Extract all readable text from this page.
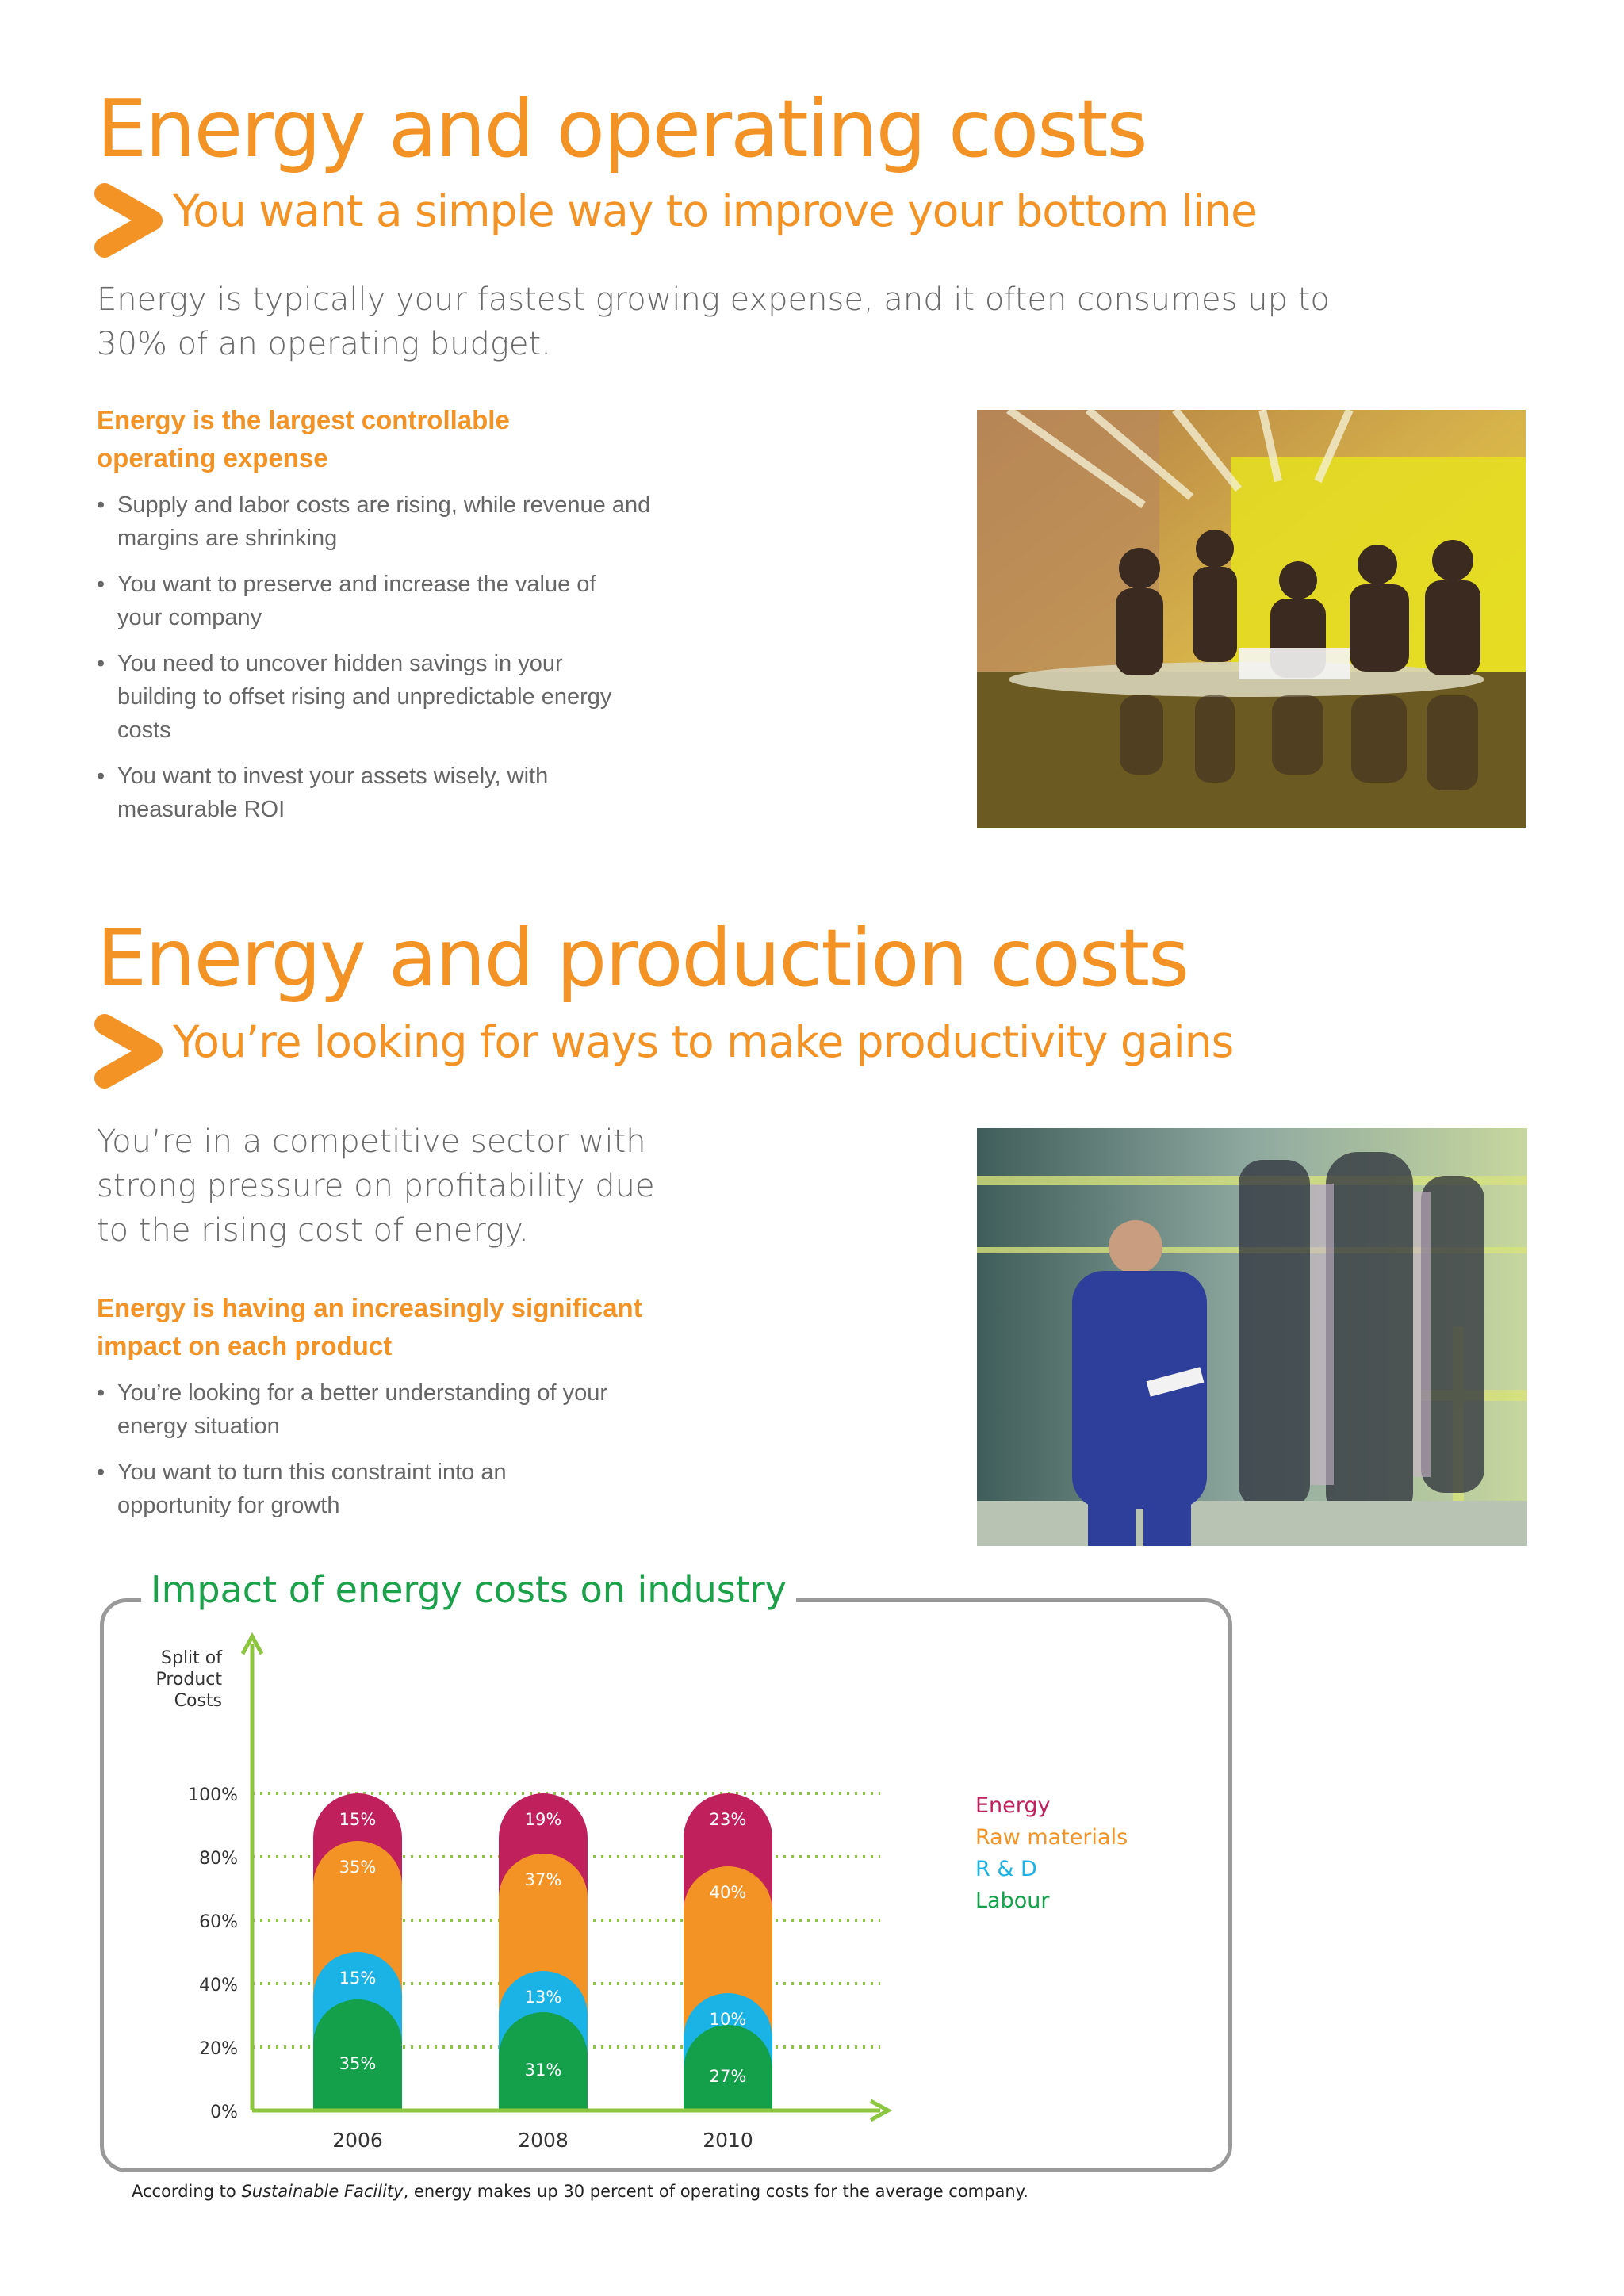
Energy and operating costs
You want a simple way to improve your bottom line
Energy is typically your fastest growing expense, and it often consumes up to 30% of an operating budget.
Energy is the largest controllable
operating expense
• Supply and labor costs are rising, while revenue and margins are shrinking
• You want to preserve and increase the value of your company
• You need to uncover hidden savings in your building to offset rising and unpredictable energy costs
• You want to invest your assets wisely, with measurable ROI
Energy and production costs
You’re looking for ways to make productivity gains
You’re in a competitive sector with
strong pressure on profitability due
to the rising cost of energy.
Energy is having an increasingly significant
impact on each product
• You’re looking for a better understanding of your energy situation
• You want to turn this constraint into an opportunity for growth
Impact of energy costs on industry
0%
20%
40%
60%
80%
100%
Split of
Product
Costs
35%
15%
35%
15%
2006
31%
13%
37%
19%
2008
27%
10%
40%
23%
2010
Energy
Raw materials
R & D
Labour
According to Sustainable Facility, energy makes up 30 percent of operating costs for the average company.
